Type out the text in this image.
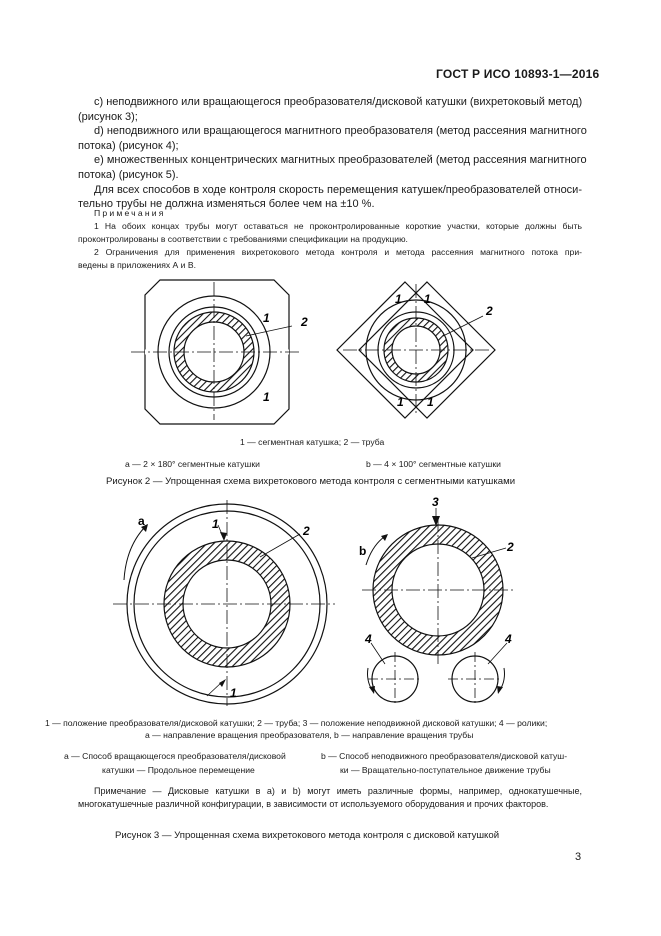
ГОСТ Р ИСО 10893-1—2016
c) неподвижного или вращающегося преобразователя/дисковой катушки (вихретоковый метод)
(рисунок 3);
d) неподвижного или вращающегося магнитного преобразователя (метод рассеяния магнитного
потока) (рисунок 4);
e) множественных концентрических магнитных преобразователей (метод рассеяния магнитного
потока) (рисунок 5).
Для всех способов в ходе контроля скорость перемещения катушек/преобразователей относи-
тельно трубы не должна изменяться более чем на ±10 %.
Примечания
1 На обоих концах трубы могут оставаться не проконтролированные короткие участки, которые должны быть
проконтролированы в соответствии с требованиями спецификации на продукцию.
2 Ограничения для применения вихретокового метода контроля и метода рассеяния магнитного потока при-
ведены в приложениях А и В.
1	2
1
1 1
2
1 1
1 — сегментная катушка; 2 — труба
а — 2 × 180° сегментные катушки	b — 4 × 100° сегментные катушки
Рисунок 2 — Упрощенная схема вихретокового метода контроля с сегментными катушками
a	1	2
1
3
b	2
4	4
1 — положение преобразователя/дисковой катушки; 2 — труба; 3 — положение неподвижной дисковой катушки; 4 — ролики;
a — направление вращения преобразователя, b — направление вращения трубы
а — Способ вращающегося преобразователя/дисковой
катушки — Продольное перемещение
b — Способ неподвижного преобразователя/дисковой катуш-
ки — Вращательно-поступательное движение трубы
Примечание — Дисковые катушки в а) и b) могут иметь различные формы, например, однокатушечные,
многокатушечные различной конфигурации, в зависимости от используемого оборудования и прочих факторов.
Рисунок 3 — Упрощенная схема вихретокового метода контроля с дисковой катушкой
3
